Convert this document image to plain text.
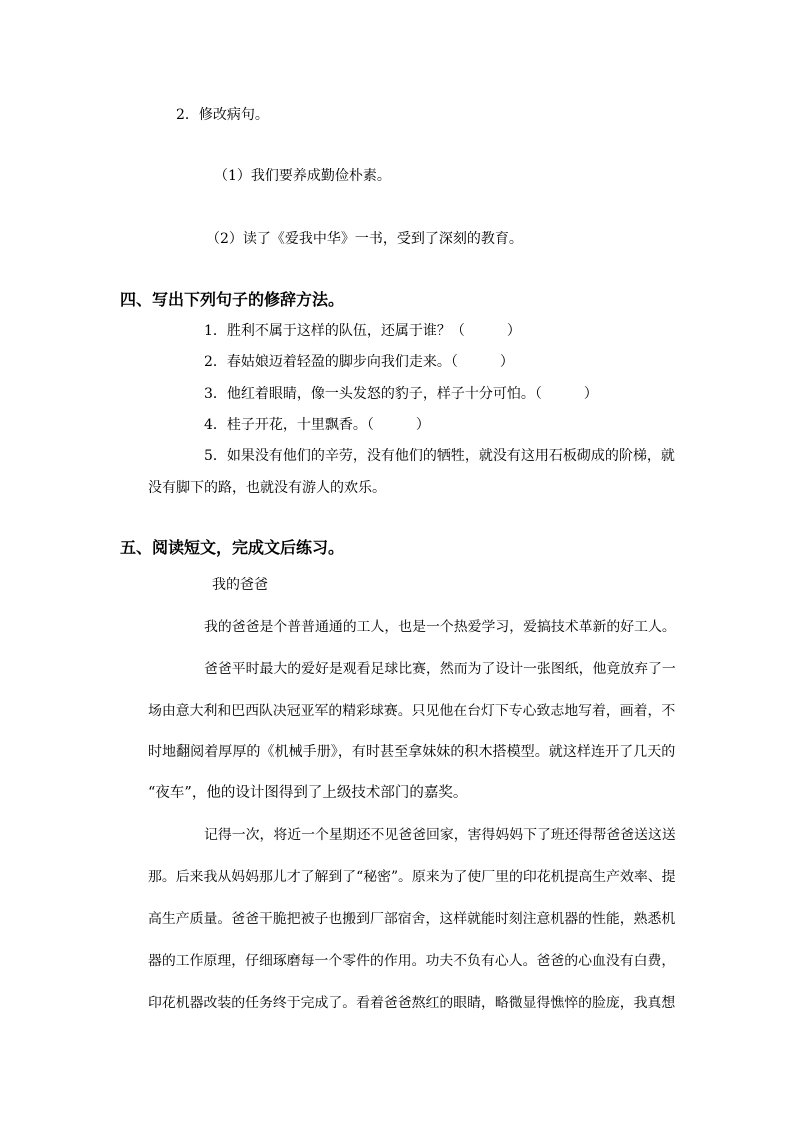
2．修改病句。
（1）我们要养成勤俭朴素。
（2）读了《爱我中华》一书，受到了深刻的教育。
四、写出下列句子的修辞方法。
1．胜利不属于这样的队伍，还属于谁？（　　　）
2．春姑娘迈着轻盈的脚步向我们走来。（　　　）
3．他红着眼睛，像一头发怒的豹子，样子十分可怕。（　　　）
4．桂子开花，十里飘香。（　　　）
5．如果没有他们的辛劳，没有他们的牺牲，就没有这用石板砌成的阶梯，就
没有脚下的路，也就没有游人的欢乐。
五、阅读短文，完成文后练习。
我的爸爸
我的爸爸是个普普通通的工人，也是一个热爱学习，爱搞技术革新的好工人。
爸爸平时最大的爱好是观看足球比赛，然而为了设计一张图纸，他竟放弃了一
场由意大利和巴西队决冠亚军的精彩球赛。只见他在台灯下专心致志地写着，画着，不
时地翻阅着厚厚的《机械手册》，有时甚至拿妹妹的积木搭模型。就这样连开了几天的
“夜车”，他的设计图得到了上级技术部门的嘉奖。
记得一次，将近一个星期还不见爸爸回家，害得妈妈下了班还得帮爸爸送这送
那。后来我从妈妈那儿才了解到了“秘密”。原来为了使厂里的印花机提高生产效率、提
高生产质量。爸爸干脆把被子也搬到厂部宿舍，这样就能时刻注意机器的性能，熟悉机
器的工作原理，仔细琢磨每一个零件的作用。功夫不负有心人。爸爸的心血没有白费，
印花机器改装的任务终于完成了。看着爸爸熬红的眼睛，略微显得憔悴的脸庞，我真想
